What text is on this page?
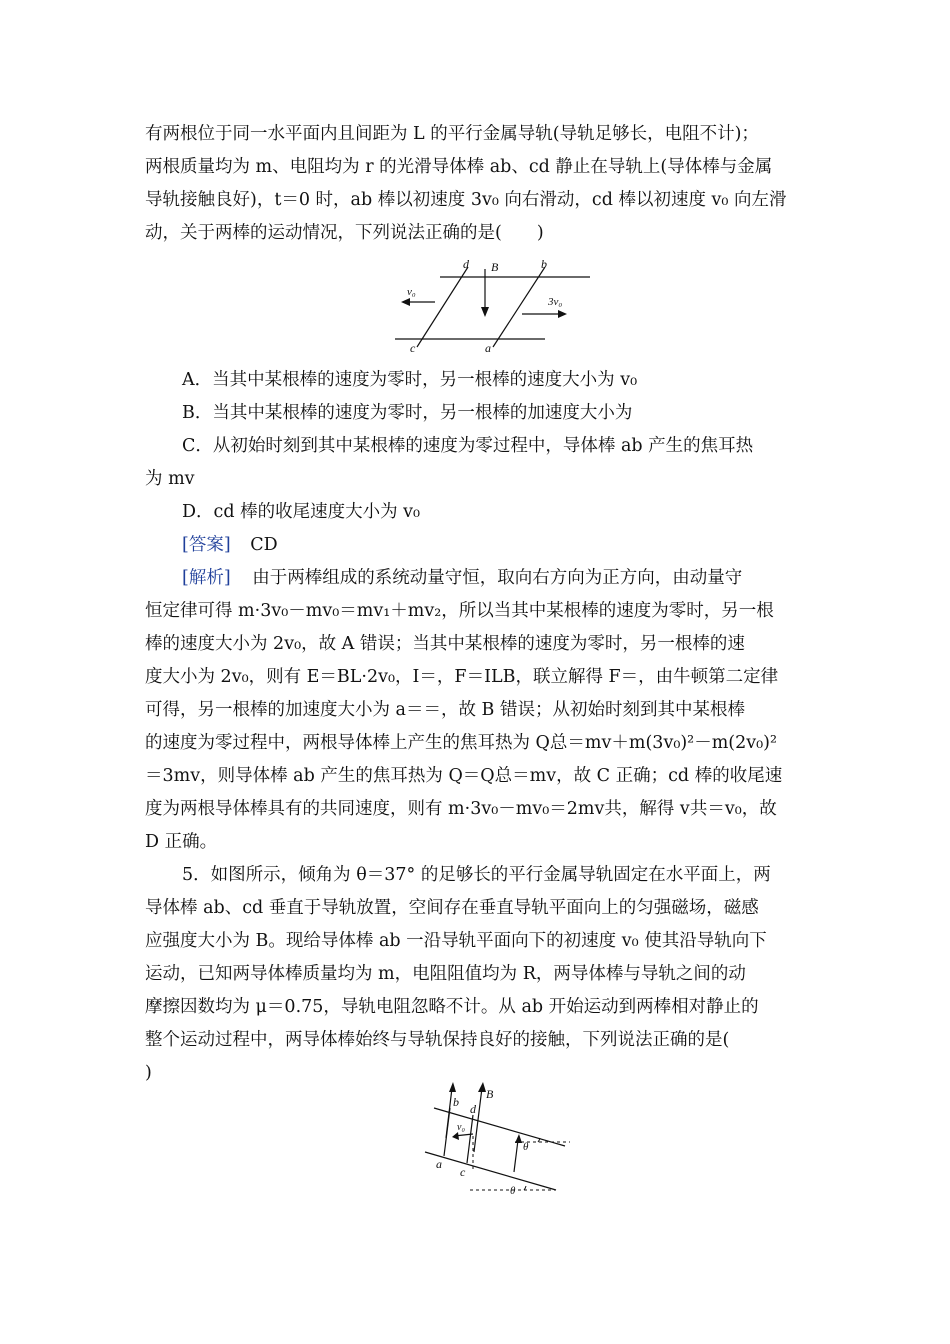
有两根位于同一水平面内且间距为 L 的平行金属导轨(导轨足够长，电阻不计)；
两根质量均为 m、电阻均为 r 的光滑导体棒 ab、cd 静止在导轨上(导体棒与金属
导轨接触良好)，t＝0 时，ab 棒以初速度 3v₀ 向右滑动，cd 棒以初速度 v₀ 向左滑
动，关于两棒的运动情况，下列说法正确的是(　　)
d	b
B
c	a
v₀
3v₀
A．当其中某根棒的速度为零时，另一根棒的速度大小为 v₀
B．当其中某根棒的速度为零时，另一根棒的加速度大小为
C．从初始时刻到其中某根棒的速度为零过程中，导体棒 ab 产生的焦耳热
为 mv
D．cd 棒的收尾速度大小为 v₀
[答案] CD
[解析] 由于两棒组成的系统动量守恒，取向右方向为正方向，由动量守
恒定律可得 m·3v₀－mv₀＝mv₁＋mv₂，所以当其中某根棒的速度为零时，另一根
棒的速度大小为 2v₀，故 A 错误；当其中某根棒的速度为零时，另一根棒的速
度大小为 2v₀，则有 E＝BL·2v₀，I＝，F＝ILB，联立解得 F＝，由牛顿第二定律
可得，另一根棒的加速度大小为 a＝＝，故 B 错误；从初始时刻到其中某根棒
的速度为零过程中，两根导体棒上产生的焦耳热为 Q总＝mv＋m(3v₀)²－m(2v₀)²
＝3mv，则导体棒 ab 产生的焦耳热为 Q＝Q总＝mv，故 C 正确；cd 棒的收尾速
度为两根导体棒具有的共同速度，则有 m·3v₀－mv₀＝2mv共，解得 v共＝v₀，故
D 正确。
5．如图所示，倾角为 θ＝37° 的足够长的平行金属导轨固定在水平面上，两
导体棒 ab、cd 垂直于导轨放置，空间存在垂直导轨平面向上的匀强磁场，磁感
应强度大小为 B。现给导体棒 ab 一沿导轨平面向下的初速度 v₀ 使其沿导轨向下
运动，已知两导体棒质量均为 m，电阻阻值均为 R，两导体棒与导轨之间的动
摩擦因数均为 μ＝0.75，导轨电阻忽略不计。从 ab 开始运动到两棒相对静止的
整个运动过程中，两导体棒始终与导轨保持良好的接触，下列说法正确的是(
)
b d
B
v₀
a
c
θ
θ
